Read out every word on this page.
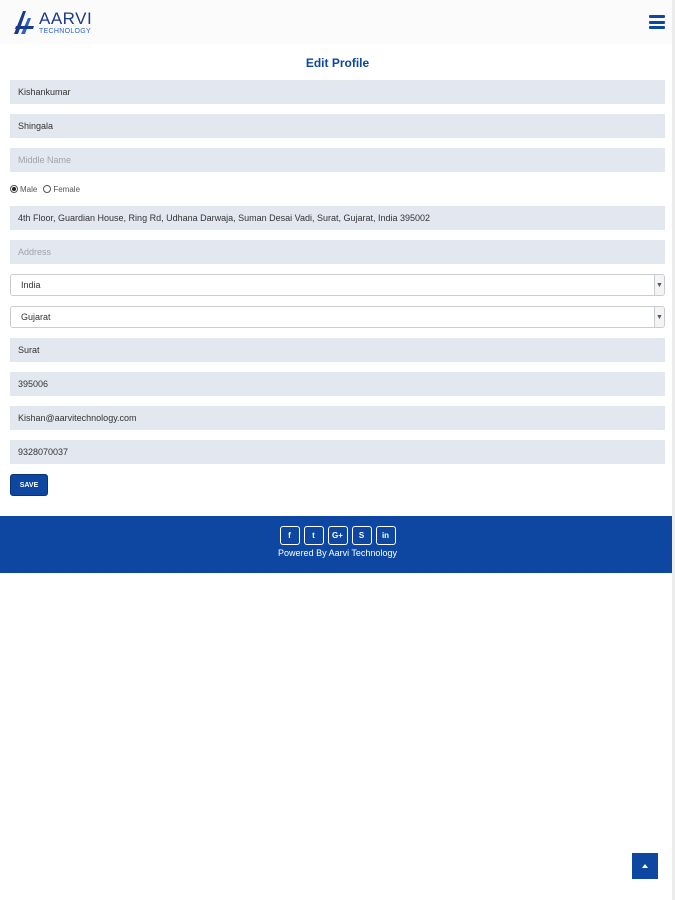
AARVI
TECHNOLOGY
Edit Profile
Kishankumar
Shingala
Middle Name
Male Female
4th Floor, Guardian House, Ring Rd, Udhana Darwaja, Suman Desai Vadi, Surat, Gujarat, India 395002
Address
India	▼
Gujarat	▼
Surat
395006
Kishan@aarvitechnology.com
9328070037
SAVE
f	t	G+	S	in
Powered By Aarvi Technology
